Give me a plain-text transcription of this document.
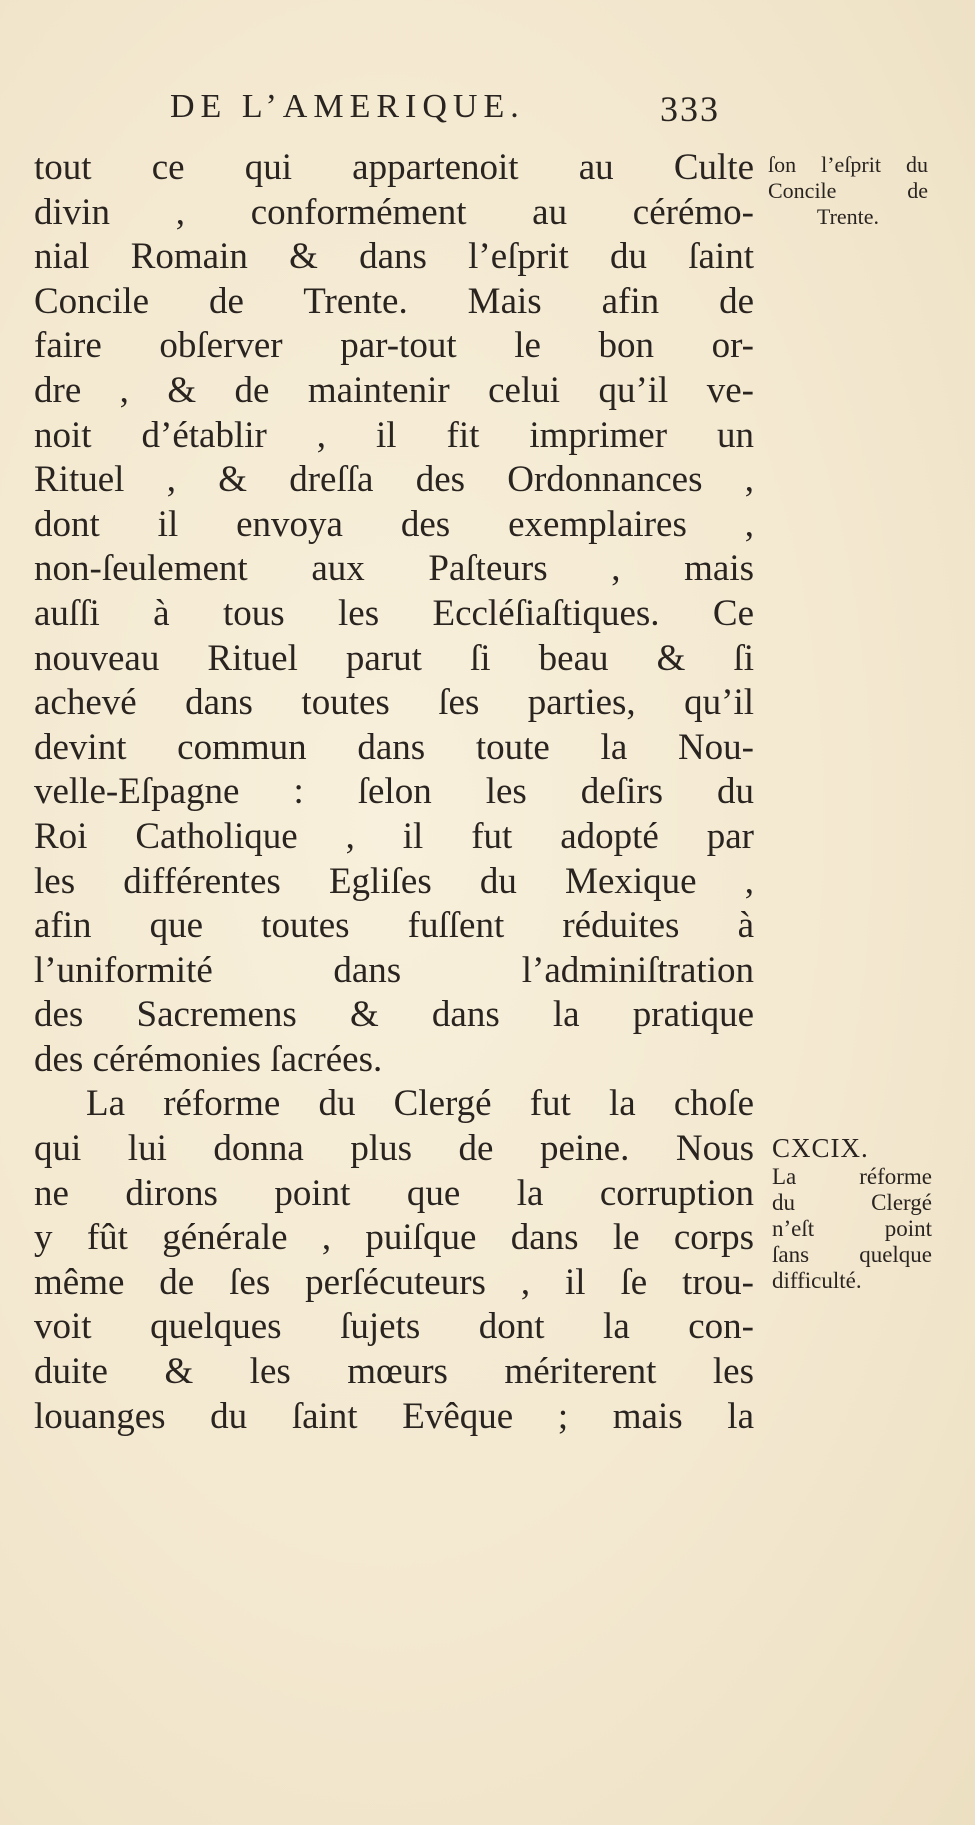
DE L’AMERIQUE.	333
tout ce qui appartenoit au Culte
divin , conformément au cérémo-
nial Romain & dans l’eſprit du ſaint
Concile de Trente. Mais afin de
faire obſerver par-tout le bon or-
dre , & de maintenir celui qu’il ve-
noit d’établir , il fit imprimer un
Rituel , & dreſſa des Ordonnances ,
dont il envoya des exemplaires ,
non-ſeulement aux Paſteurs , mais
auſſi à tous les Eccléſiaſtiques. Ce
nouveau Rituel parut ſi beau & ſi
achevé dans toutes ſes parties, qu’il
devint commun dans toute la Nou-
velle-Eſpagne : ſelon les deſirs du
Roi Catholique , il fut adopté par
les différentes Egliſes du Mexique ,
afin que toutes fuſſent réduites à
l’uniformité dans l’adminiſtration
des Sacremens & dans la pratique
des cérémonies ſacrées.
La réforme du Clergé fut la choſe
qui lui donna plus de peine. Nous
ne dirons point que la corruption
y fût générale , puiſque dans le corps
même de ſes perſécuteurs , il ſe trou-
voit quelques ſujets dont la con-
duite & les mœurs mériterent les
louanges du ſaint Evêque ; mais la
ſon l’eſprit du
Concile de
Trente.
CXCIX.
La réforme
du Clergé
n’eſt point
ſans quelque
difficulté.
